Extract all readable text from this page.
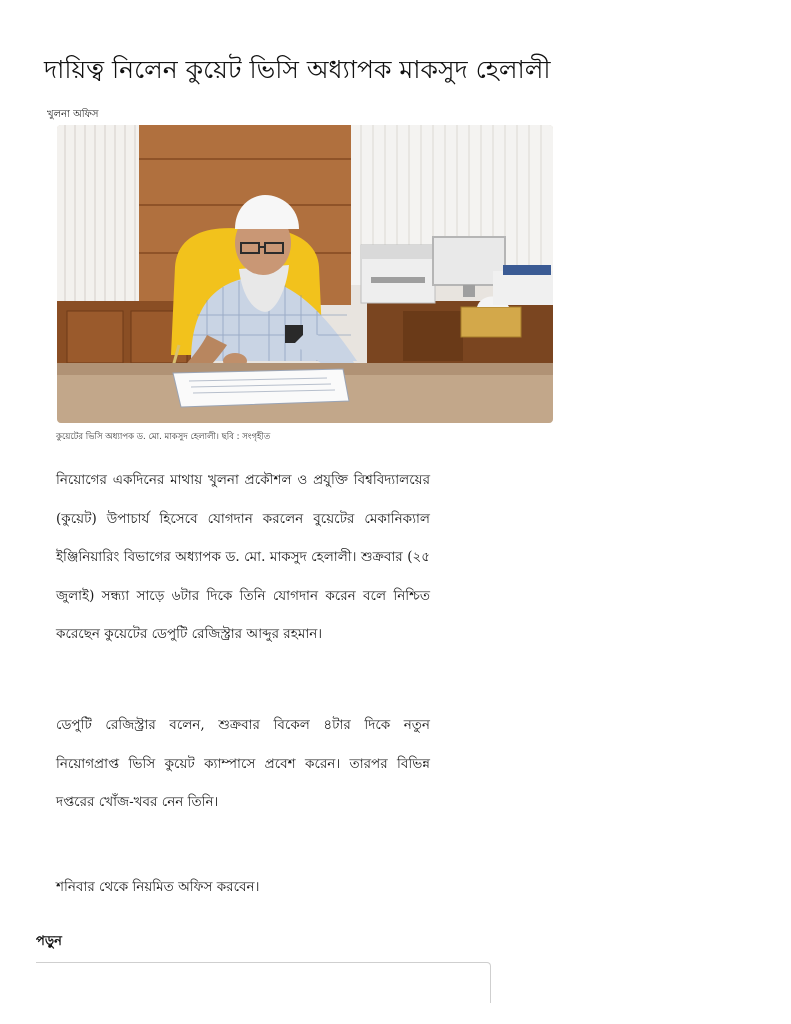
দায়িত্ব নিলেন কুয়েট ভিসি অধ্যাপক মাকসুদ হেলালী
খুলনা অফিস
কুয়েটের ভিসি অধ্যাপক ড. মো. মাকসুদ হেলালী। ছবি : সংগৃহীত

নিয়োগের একদিনের মাথায় খুলনা প্রকৌশল ও প্রযুক্তি বিশ্ববিদ্যালয়ের (কুয়েট) উপাচার্য হিসেবে যোগদান করলেন বুয়েটের মেকানিক্যাল ইঞ্জিনিয়ারিং বিভাগের অধ্যাপক ড. মো. মাকসুদ হেলালী। শুক্রবার (২৫ জুলাই) সন্ধ্যা সাড়ে ৬টার দিকে তিনি যোগদান করেন বলে নিশ্চিত করেছেন কুয়েটের ডেপুটি রেজিস্ট্রার আব্দুর রহমান।

ডেপুটি রেজিস্ট্রার বলেন, শুক্রবার বিকেল ৪টার দিকে নতুন নিয়োগপ্রাপ্ত ভিসি কুয়েট ক্যাম্পাসে প্রবেশ করেন। তারপর বিভিন্ন দপ্তরের খোঁজ-খবর নেন তিনি।

শনিবার থেকে নিয়মিত অফিস করবেন।

পড়ুন
